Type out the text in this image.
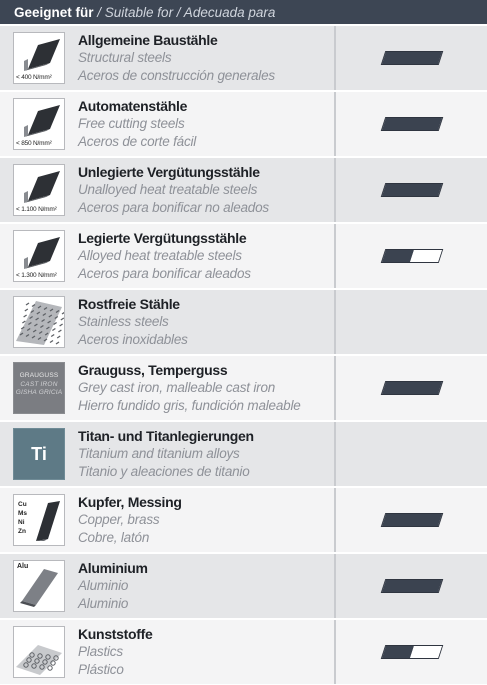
Geeignet für / Suitable for / Adecuada para
< 400 N/mm²
Allgemeine Baustähle
Structural steels
Aceros de construcción generales
< 850 N/mm²
Automatenstähle
Free cutting steels
Aceros de corte fácil
< 1.100 N/mm²
Unlegierte Vergütungsstähle
Unalloyed heat treatable steels
Aceros para bonificar no aleados
< 1.300 N/mm²
Legierte Vergütungsstähle
Alloyed heat treatable steels
Aceros para bonificar aleados
Rostfreie Stähle
Stainless steels
Aceros inoxidables
GRAUGUSS
CAST IRON
GISHA GRICIA
Grauguss, Temperguss
Grey cast iron, malleable cast iron
Hierro fundido gris, fundición maleable
Ti
Titan- und Titanlegierungen
Titanium and titanium alloys
Titanio y aleaciones de titanio
Cu
Ms
Ni
Zn
Kupfer, Messing
Copper, brass
Cobre, latón
Alu	Aluminium
Aluminio
Aluminio
Kunststoffe
Plastics
Plástico
